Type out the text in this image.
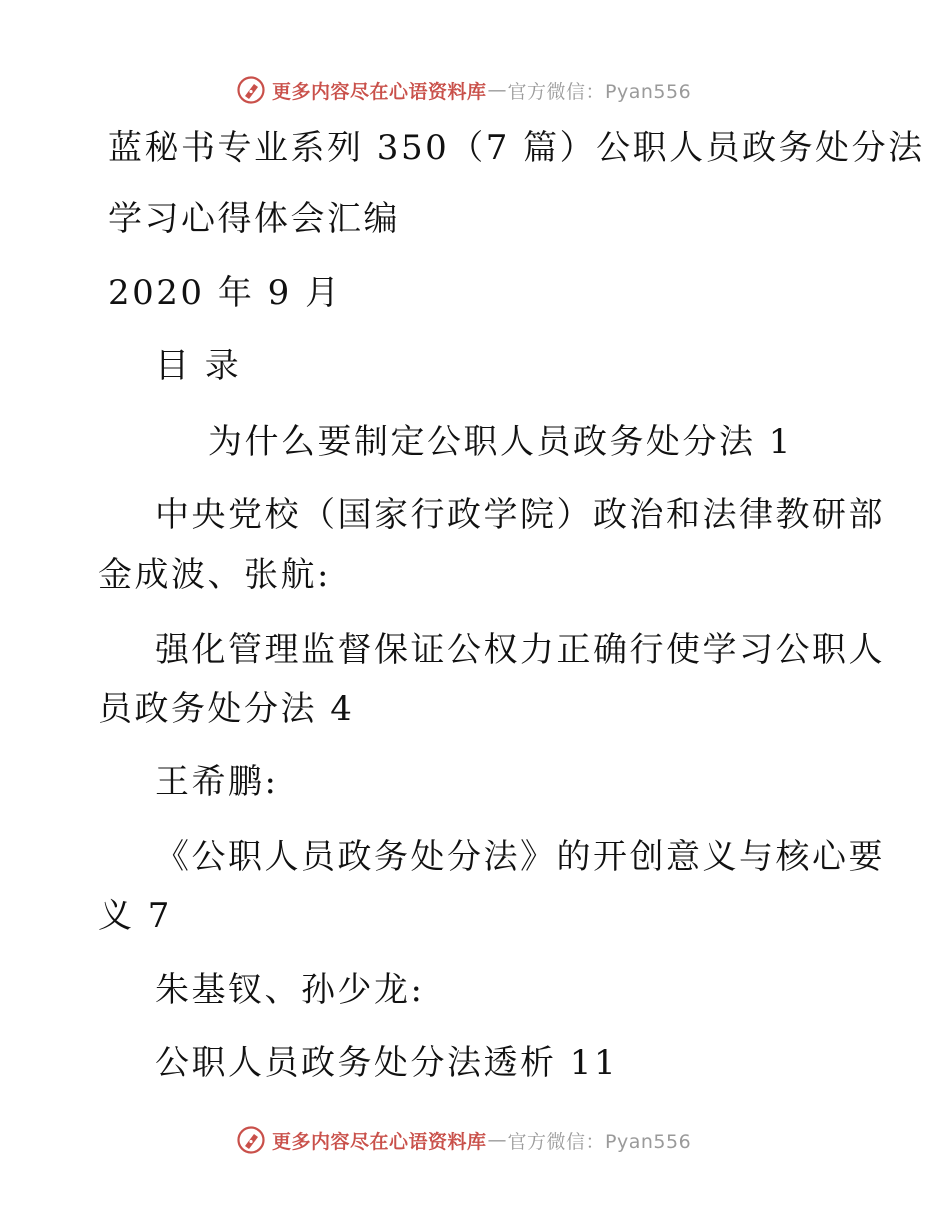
更多内容尽在心语资料库 — 官方微信：Pyan556
蓝秘书专业系列 350（7 篇）公职人员政务处分法
学习心得体会汇编
2020 年 9 月
目 录
为什么要制定公职人员政务处分法 1
中央党校（国家行政学院）政治和法律教研部
金成波、张航:
强化管理监督保证公权力正确行使学习公职人
员政务处分法 4
王希鹏:
《公职人员政务处分法》的开创意义与核心要
义 7
朱基钗、孙少龙:
公职人员政务处分法透析 11
更多内容尽在心语资料库 — 官方微信：Pyan556
